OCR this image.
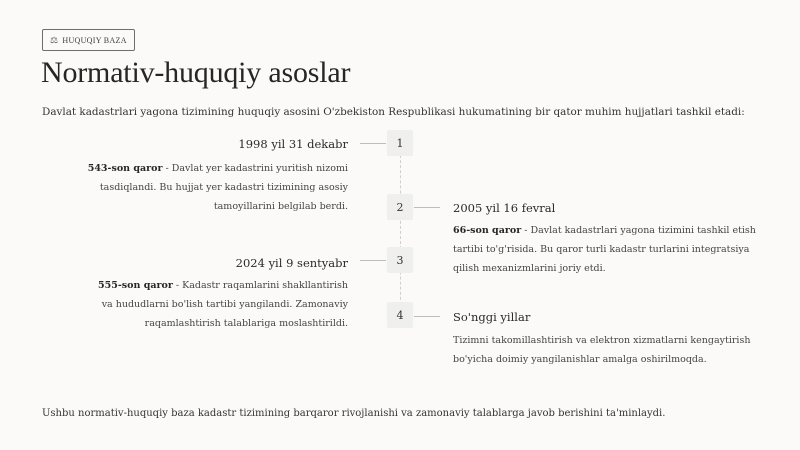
⚖ HUQUQIY BAZA
Normativ-huquqiy asoslar
Davlat kadastrlari yagona tizimining huquqiy asosini O'zbekiston Respublikasi hukumatining bir qator muhim hujjatlari tashkil etadi:
1
1998 yil 31 dekabr
543-son qaror - Davlat yer kadastrini yuritish nizomi tasdiqlandi. Bu hujjat yer kadastri tizimining asosiy tamoyillarini belgilab berdi.	2	2005 yil 16 fevral
66-son qaror - Davlat kadastrlari yagona tizimini tashkil etish tartibi to'g'risida. Bu qaror turli kadastr turlarini integratsiya qilish mexanizmlarini joriy etdi.
3
2024 yil 9 sentyabr
555-son qaror - Kadastr raqamlarini shakllantirish va hududlarni bo'lish tartibi yangilandi. Zamonaviy raqamlashtirish talablariga moslashtirildi.
4	So'nggi yillar
Tizimni takomillashtirish va elektron xizmatlarni kengaytirish bo'yicha doimiy yangilanishlar amalga oshirilmoqda.
Ushbu normativ-huquqiy baza kadastr tizimining barqaror rivojlanishi va zamonaviy talablarga javob berishini ta'minlaydi.
